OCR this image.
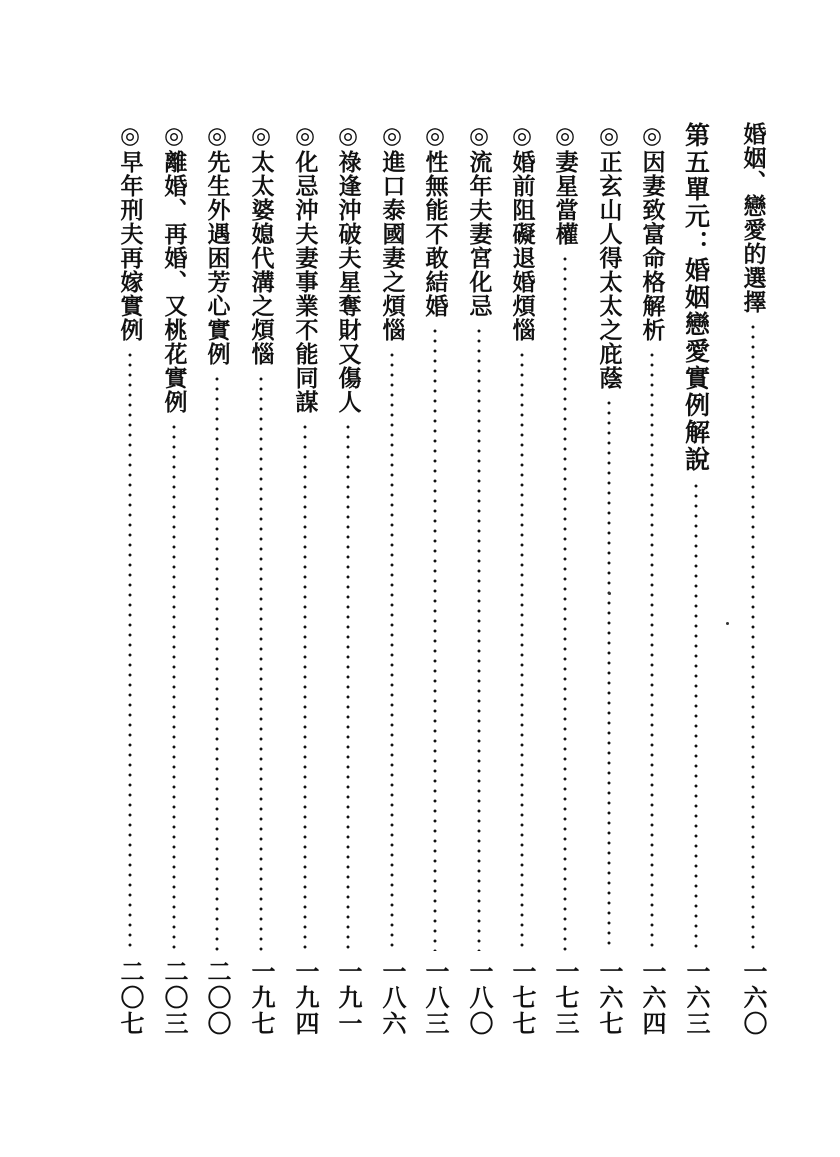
婚姻、戀愛的選擇
一六〇
第五單元：婚姻戀愛實例解說
一六三
◎因妻致富命格解析
一六四
◎正玄山人得太太之庇蔭
一六七
◎妻星當權
一七三
◎婚前阻礙退婚煩惱
一七七
◎流年夫妻宮化忌
一八〇
◎性無能不敢結婚
一八三
◎進口泰國妻之煩惱
一八六
◎祿逢沖破夫星奪財又傷人
一九一
◎化忌沖夫妻事業不能同謀
一九四
◎太太婆媳代溝之煩惱
一九七
◎先生外遇困芳心實例
二〇〇
◎離婚、再婚、又桃花實例
二〇三
◎早年刑夫再嫁實例
二〇七
